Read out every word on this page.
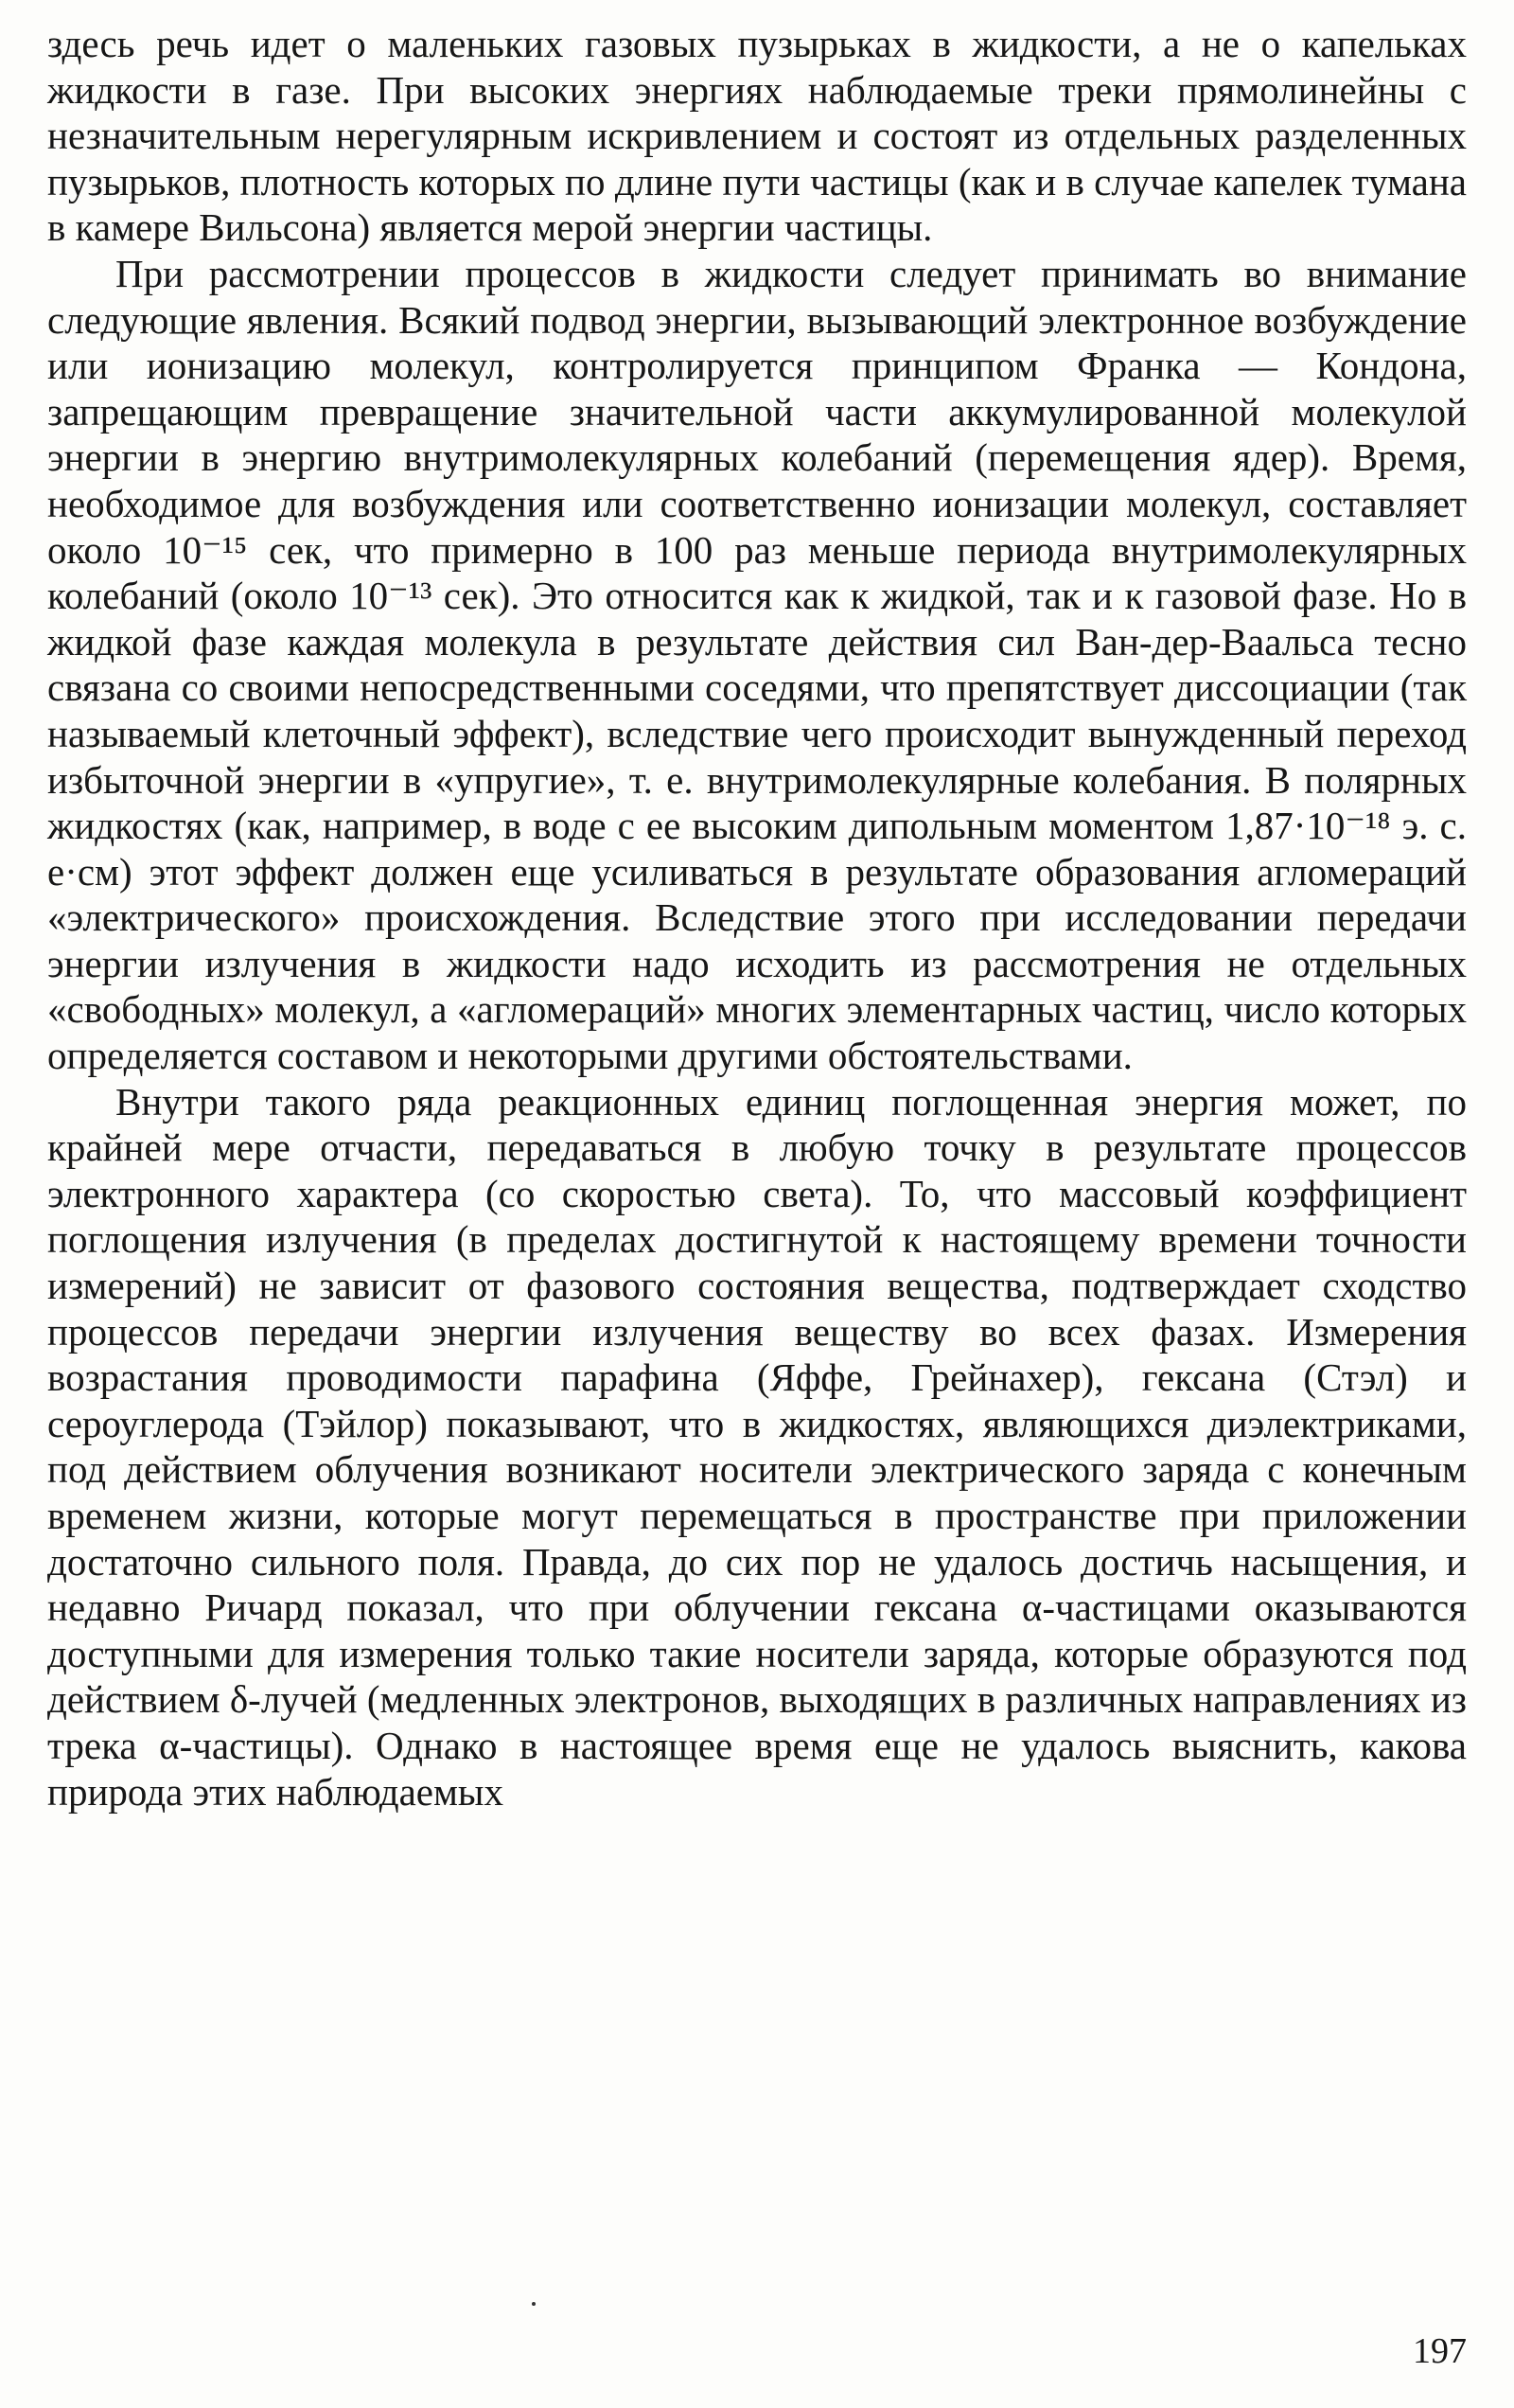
здесь речь идет о маленьких газовых пузырьках в жидкости, а не о капельках жидкости в газе. При высоких энергиях наблюдаемые треки прямолинейны с незначительным нерегулярным искривлением и состоят из отдельных разделенных пузырьков, плотность которых по длине пути частицы (как и в случае капелек тумана в камере Вильсона) является мерой энергии частицы.

При рассмотрении процессов в жидкости следует принимать во внимание следующие явления. Всякий подвод энергии, вызывающий электронное возбуждение или ионизацию молекул, контролируется принципом Франка — Кондона, запрещающим превращение значительной части аккумулированной молекулой энергии в энергию внутримолекулярных колебаний (перемещения ядер). Время, необходимое для возбуждения или соответственно ионизации молекул, составляет около 10⁻¹⁵ сек, что примерно в 100 раз меньше периода внутримолекулярных колебаний (около 10⁻¹³ сек). Это относится как к жидкой, так и к газовой фазе. Но в жидкой фазе каждая молекула в результате действия сил Ван-дер-Ваальса тесно связана со своими непосредственными соседями, что препятствует диссоциации (так называемый клеточный эффект), вследствие чего происходит вынужденный переход избыточной энергии в «упругие», т. е. внутримолекулярные колебания. В полярных жидкостях (как, например, в воде с ее высоким дипольным моментом 1,87·10⁻¹⁸ э. с. е·см) этот эффект должен еще усиливаться в результате образования агломераций «электрического» происхождения. Вследствие этого при исследовании передачи энергии излучения в жидкости надо исходить из рассмотрения не отдельных «свободных» молекул, а «агломераций» многих элементарных частиц, число которых определяется составом и некоторыми другими обстоятельствами.

Внутри такого ряда реакционных единиц поглощенная энергия может, по крайней мере отчасти, передаваться в любую точку в результате процессов электронного характера (со скоростью света). То, что массовый коэффициент поглощения излучения (в пределах достигнутой к настоящему времени точности измерений) не зависит от фазового состояния вещества, подтверждает сходство процессов передачи энергии излучения веществу во всех фазах. Измерения возрастания проводимости парафина (Яффе, Грейнахер), гексана (Стэл) и сероуглерода (Тэйлор) показывают, что в жидкостях, являющихся диэлектриками, под действием облучения возникают носители электрического заряда с конечным временем жизни, которые могут перемещаться в пространстве при приложении достаточно сильного поля. Правда, до сих пор не удалось достичь насыщения, и недавно Ричард показал, что при облучении гексана α-частицами оказываются доступными для измерения только такие носители заряда, которые образуются под действием δ-лучей (медленных электронов, выходящих в различных направлениях из трека α-частицы). Однако в настоящее время еще не удалось выяснить, какова природа этих наблюдаемых

197
